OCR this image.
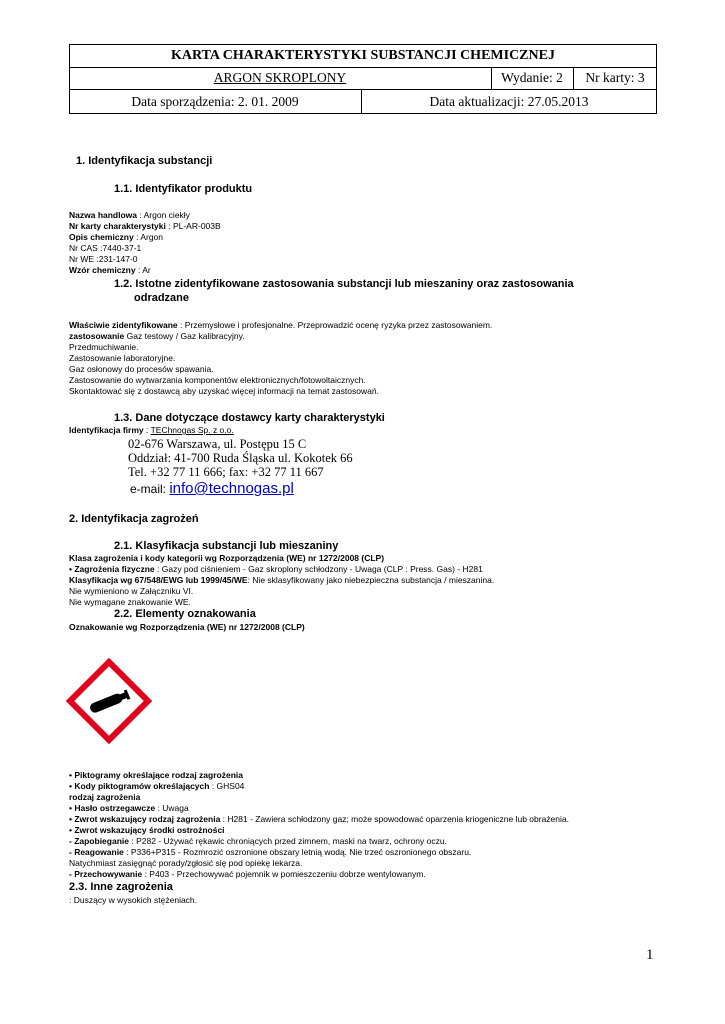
KARTA CHARAKTERYSTYKI SUBSTANCJI CHEMICZNEJ
ARGON SKROPLONY	Wydanie: 2	Nr karty: 3
Data sporządzenia: 2. 01. 2009	Data aktualizacji: 27.05.2013
1. Identyfikacja substancji
1.1. Identyfikator produktu
Nazwa handlowa : Argon ciekły
Nr karty charakterystyki : PL-AR-003B
Opis chemiczny : Argon
Nr CAS :7440-37-1
Nr WE :231-147-0
Wzór chemiczny : Ar
1.2. Istotne zidentyfikowane zastosowania substancji lub mieszaniny oraz zastosowania
odradzane
Właściwie zidentyfikowane : Przemysłowe i profesjonalne. Przeprowadzić ocenę ryzyka przez zastosowaniem.
zastosowanie Gaz testowy / Gaz kalibracyjny.
Przedmuchiwanie.
Zastosowanie laboratoryjne.
Gaz osłonowy do procesów spawania.
Zastosowanie do wytwarzania komponentów elektronicznych/fotowoltaicznych.
Skontaktować się z dostawcą aby uzyskać więcej informacji na temat zastosowań.
1.3. Dane dotyczące dostawcy karty charakterystyki
Identyfikacja firmy : TEChnogas Sp. z o.o.
02-676 Warszawa, ul. Postępu 15 C
Oddział: 41-700 Ruda Śląska ul. Kokotek 66
Tel. +32 77 11 666; fax: +32 77 11 667
e-mail: info@technogas.pl
2. Identyfikacja zagrożeń
2.1. Klasyfikacja substancji lub mieszaniny
Klasa zagrożenia i kody kategorii wg Rozporządzenia (WE) nr 1272/2008 (CLP)
• Zagrożenia fizyczne : Gazy pod ciśnieniem - Gaz skroplony schłodzony - Uwaga (CLP : Press. Gas) - H281
Klasyfikacja wg 67/548/EWG lub 1999/45/WE: Nie sklasyfikowany jako niebezpieczna substancja / mieszanina.
Nie wymieniono w Załączniku VI.
Nie wymagane znakowanie WE.
2.2. Elementy oznakowania
Oznakowanie wg Rozporządzenia (WE) nr 1272/2008 (CLP)
• Piktogramy określające rodzaj zagrożenia
• Kody piktogramów określających : GHS04
rodzaj zagrożenia
• Hasło ostrzegawcze : Uwaga
• Zwrot wskazujący rodzaj zagrożenia : H281 - Zawiera schłodzony gaz; może spowodować oparzenia kriogeniczne lub obrażenia.
• Zwrot wskazujący środki ostrożności
- Zapobieganie : P282 - Używać rękawic chroniących przed zimnem, maski na twarz, ochrony oczu.
- Reagowanie : P336+P315 - Rozmrozić oszronione obszary letnią wodą. Nie trzeć oszronionego obszaru.
Natychmiast zasięgnąć porady/zgłosić się pod opiekę lekarza.
- Przechowywanie : P403 - Przechowywać pojemnik w pomieszczeniu dobrze wentylowanym.
2.3. Inne zagrożenia
: Duszący w wysokich stężeniach.
1
